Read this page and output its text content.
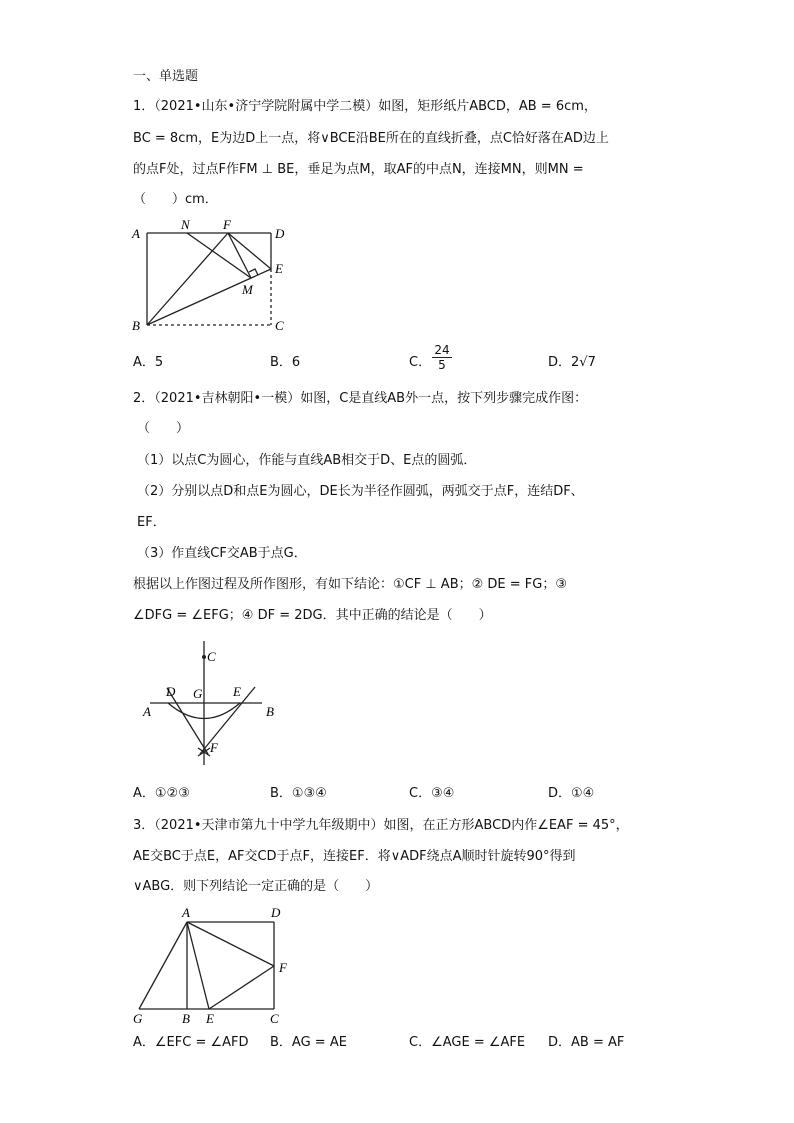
一、单选题
1．（2021•山东•济宁学院附属中学二模）如图，矩形纸片ABCD，AB = 6cm，
BC = 8cm，E为边D上一点，将∨BCE沿BE所在的直线折叠，点C恰好落在AD边上
的点F处，过点F作FM ⊥ BE，垂足为点M，取AF的中点N，连接MN，则MN =
（　　）cm．
A
N	F
D
E
M
B	C
A．5	B．6	C． $\frac{24}{5}$	D．2√7
2．（2021•吉林朝阳•一模）如图，C是直线AB外一点，按下列步骤完成作图：
（　　）
（1）以点C为圆心，作能与直线AB相交于D、E点的圆弧．
（2）分别以点D和点E为圆心，DE长为半径作圆弧，两弧交于点F，连结DF、
EF．
（3）作直线CF交AB于点G．
根据以上作图过程及所作图形，有如下结论：①CF ⊥ AB；② DE = FG；③
∠DFG = ∠EFG；④ DF = 2DG．其中正确的结论是（　　）
C
D G E
A	B
F
A．①②③	B．①③④	C．③④	D．①④
3．（2021•天津市第九十中学九年级期中）如图，在正方形ABCD内作∠EAF = 45°，
AE交BC于点E，AF交CD于点F，连接EF．将∨ADF绕点A顺时针旋转90°得到
∨ABG．则下列结论一定正确的是（　　）
A	D
F
G	B E	C
A．∠EFC = ∠AFD B．AG = AE	C．∠AGE = ∠AFE D．AB = AF
